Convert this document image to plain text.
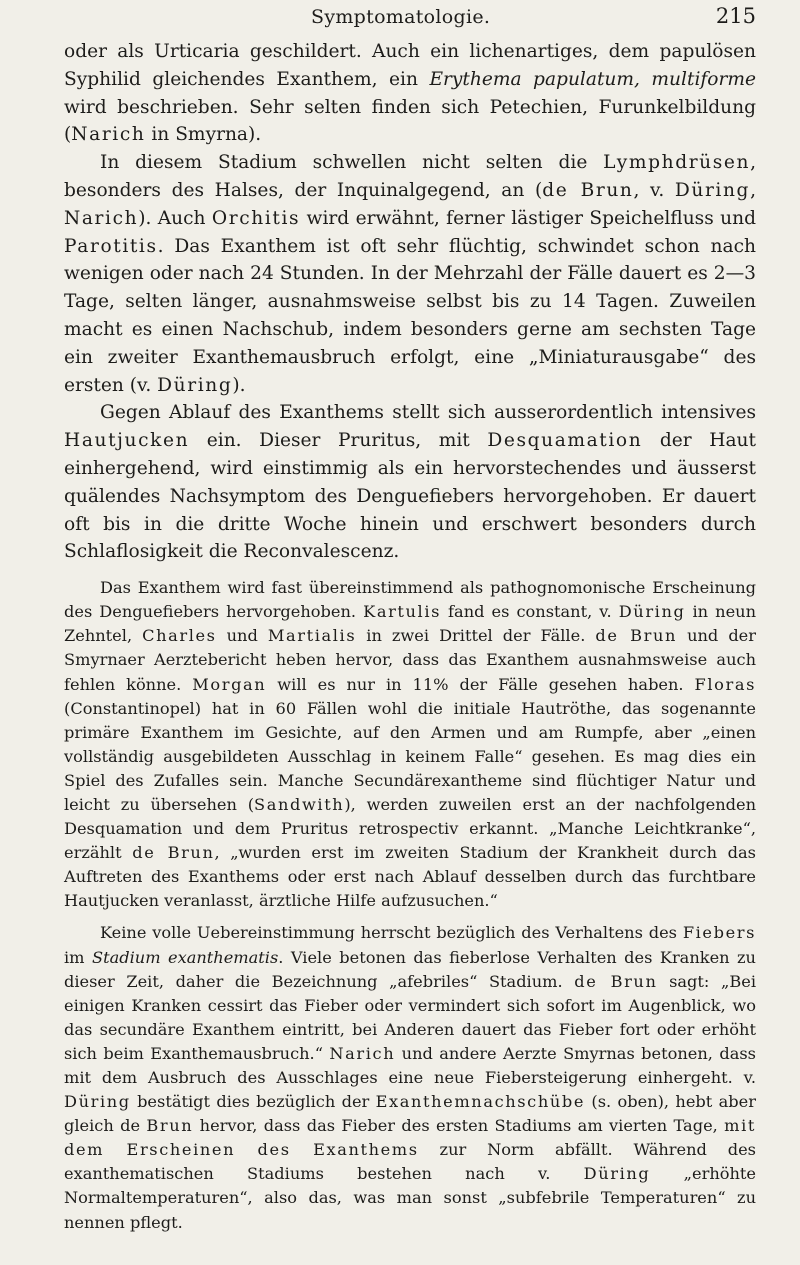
Symptomatologie.	215

oder als Urticaria geschildert. Auch ein lichenartiges, dem papulösen Syphilid gleichendes Exanthem, ein Erythema papulatum, multiforme wird beschrieben. Sehr selten finden sich Petechien, Furunkelbildung (Narich in Smyrna).

In diesem Stadium schwellen nicht selten die Lymphdrüsen, besonders des Halses, der Inquinalgegend, an (de Brun, v. Düring, Narich). Auch Orchitis wird erwähnt, ferner lästiger Speichelfluss und Parotitis. Das Exanthem ist oft sehr flüchtig, schwindet schon nach wenigen oder nach 24 Stunden. In der Mehrzahl der Fälle dauert es 2—3 Tage, selten länger, ausnahmsweise selbst bis zu 14 Tagen. Zuweilen macht es einen Nachschub, indem besonders gerne am sechsten Tage ein zweiter Exanthemausbruch erfolgt, eine „Miniaturausgabe“ des ersten (v. Düring).

Gegen Ablauf des Exanthems stellt sich ausserordentlich intensives Hautjucken ein. Dieser Pruritus, mit Desquamation der Haut einhergehend, wird einstimmig als ein hervorstechendes und äusserst quälendes Nachsymptom des Denguefiebers hervorgehoben. Er dauert oft bis in die dritte Woche hinein und erschwert besonders durch Schlaflosigkeit die Reconvalescenz.

Das Exanthem wird fast übereinstimmend als pathognomonische Erscheinung des Denguefiebers hervorgehoben. Kartulis fand es constant, v. Düring in neun Zehntel, Charles und Martialis in zwei Drittel der Fälle. de Brun und der Smyrnaer Aerztebericht heben hervor, dass das Exanthem ausnahmsweise auch fehlen könne. Morgan will es nur in 11% der Fälle gesehen haben. Floras (Constantinopel) hat in 60 Fällen wohl die initiale Hautröthe, das sogenannte primäre Exanthem im Gesichte, auf den Armen und am Rumpfe, aber „einen vollständig ausgebildeten Ausschlag in keinem Falle“ gesehen. Es mag dies ein Spiel des Zufalles sein. Manche Secundärexantheme sind flüchtiger Natur und leicht zu übersehen (Sandwith), werden zuweilen erst an der nachfolgenden Desquamation und dem Pruritus retrospectiv erkannt. „Manche Leichtkranke“, erzählt de Brun, „wurden erst im zweiten Stadium der Krankheit durch das Auftreten des Exanthems oder erst nach Ablauf desselben durch das furchtbare Hautjucken veranlasst, ärztliche Hilfe aufzusuchen.“

Keine volle Uebereinstimmung herrscht bezüglich des Verhaltens des Fiebers im Stadium exanthematis. Viele betonen das fieberlose Verhalten des Kranken zu dieser Zeit, daher die Bezeichnung „afebriles“ Stadium. de Brun sagt: „Bei einigen Kranken cessirt das Fieber oder vermindert sich sofort im Augenblick, wo das secundäre Exanthem eintritt, bei Anderen dauert das Fieber fort oder erhöht sich beim Exanthemausbruch.“ Narich und andere Aerzte Smyrnas betonen, dass mit dem Ausbruch des Ausschlages eine neue Fiebersteigerung einhergeht. v. Düring bestätigt dies bezüglich der Exanthemnachschübe (s. oben), hebt aber gleich de Brun hervor, dass das Fieber des ersten Stadiums am vierten Tage, mit dem Erscheinen des Exanthems zur Norm abfällt. Während des exanthematischen Stadiums bestehen nach v. Düring „erhöhte Normaltemperaturen“, also das, was man sonst „subfebrile Temperaturen“ zu nennen pflegt.
